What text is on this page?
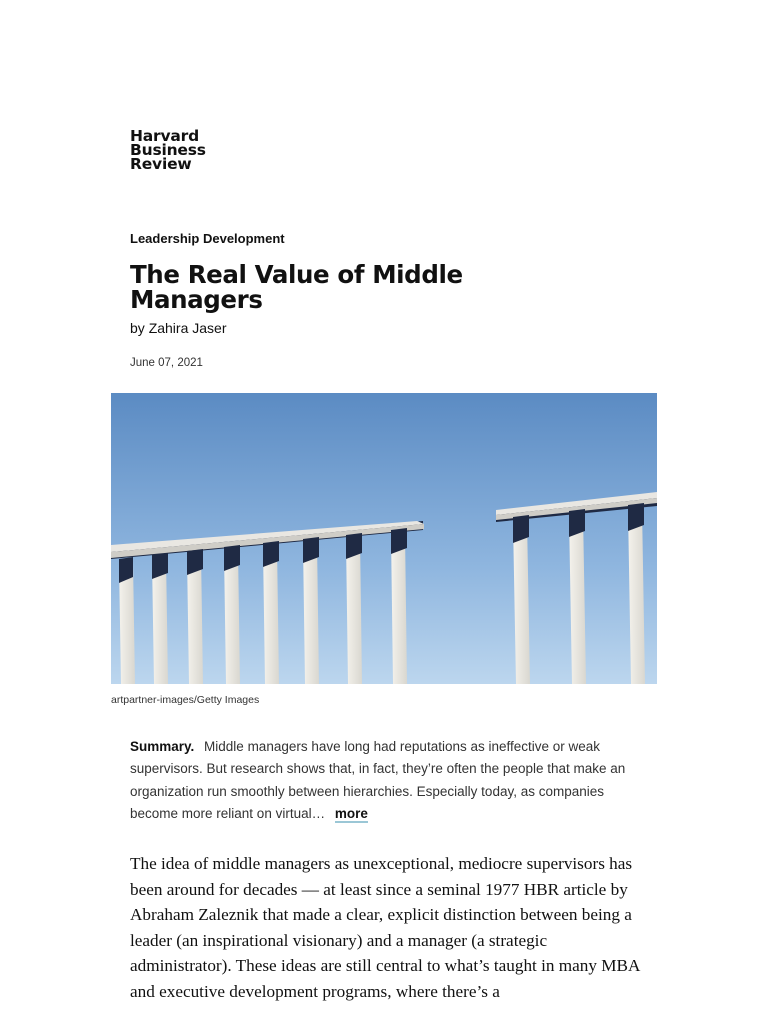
Harvard
Business
Review
Leadership Development
The Real Value of Middle Managers
by Zahira Jaser
June 07, 2021
artpartner-images/Getty Images

Summary. Middle managers have long had reputations as ineffective or weak supervisors. But research shows that, in fact, they’re often the people that make an organization run smoothly between hierarchies. Especially today, as companies become more reliant on virtual… more

The idea of middle managers as unexceptional, mediocre supervisors has been around for decades — at least since a seminal 1977 HBR article by Abraham Zaleznik that made a clear, explicit distinction between being a leader (an inspirational visionary) and a manager (a strategic administrator). These ideas are still central to what’s taught in many MBA and executive development programs, where there’s a
